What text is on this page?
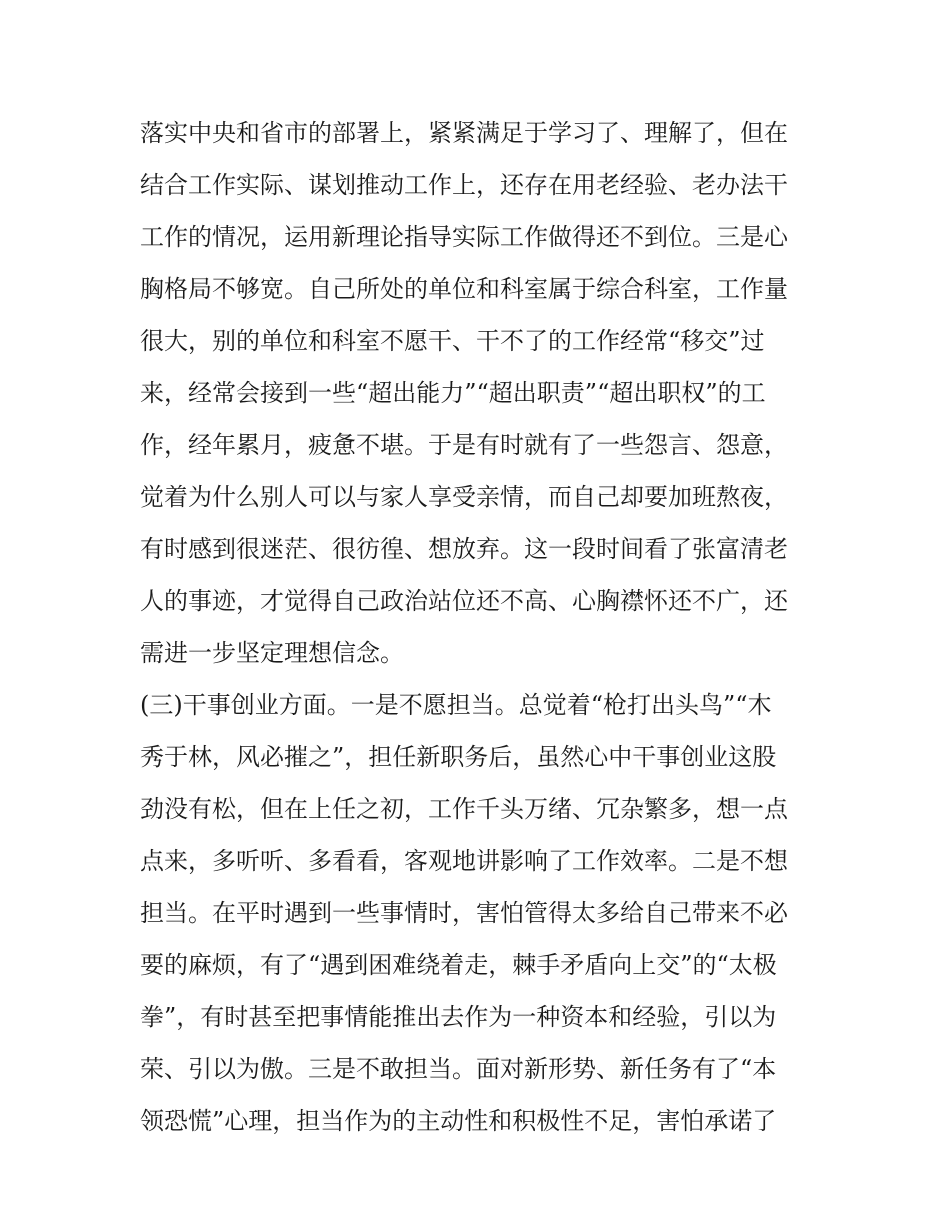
落实中央和省市的部署上，紧紧满足于学习了、理解了，但在
结合工作实际、谋划推动工作上，还存在用老经验、老办法干
工作的情况，运用新理论指导实际工作做得还不到位。三是心
胸格局不够宽。自己所处的单位和科室属于综合科室，工作量
很大，别的单位和科室不愿干、干不了的工作经常“移交”过
来，经常会接到一些“超出能力”“超出职责”“超出职权”的工
作，经年累月，疲惫不堪。于是有时就有了一些怨言、怨意，
觉着为什么别人可以与家人享受亲情，而自己却要加班熬夜，
有时感到很迷茫、很彷徨、想放弃。这一段时间看了张富清老
人的事迹，才觉得自己政治站位还不高、心胸襟怀还不广，还
需进一步坚定理想信念。
(三)干事创业方面。一是不愿担当。总觉着“枪打出头鸟”“木
秀于林，风必摧之”，担任新职务后，虽然心中干事创业这股
劲没有松，但在上任之初，工作千头万绪、冗杂繁多，想一点
点来，多听听、多看看，客观地讲影响了工作效率。二是不想
担当。在平时遇到一些事情时，害怕管得太多给自己带来不必
要的麻烦，有了“遇到困难绕着走，棘手矛盾向上交”的“太极
拳”，有时甚至把事情能推出去作为一种资本和经验，引以为
荣、引以为傲。三是不敢担当。面对新形势、新任务有了“本
领恐慌”心理，担当作为的主动性和积极性不足，害怕承诺了
